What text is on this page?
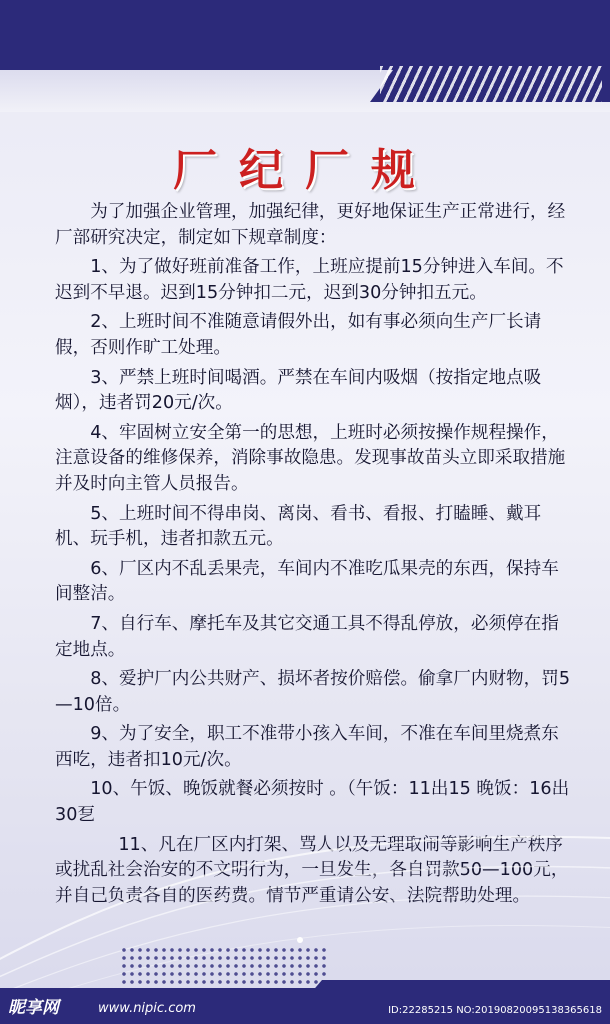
厂纪厂规

为了加强企业管理，加强纪律，更好地保证生产正常进行，经厂部研究决定，制定如下规章制度：

1、为了做好班前准备工作，上班应提前15分钟进入车间。不迟到不早退。迟到15分钟扣二元，迟到30分钟扣五元。

2、上班时间不准随意请假外出，如有事必须向生产厂长请假，否则作旷工处理。

3、严禁上班时间喝酒。严禁在车间内吸烟（按指定地点吸烟），违者罚20元/次。

4、牢固树立安全第一的思想，上班时必须按操作规程操作，注意设备的维修保养，消除事故隐患。发现事故苗头立即采取措施并及时向主管人员报告。

5、上班时间不得串岗、离岗、看书、看报、打瞌睡、戴耳机、玩手机，违者扣款五元。

6、厂区内不乱丢果壳，车间内不准吃瓜果壳的东西，保持车间整洁。

7、自行车、摩托车及其它交通工具不得乱停放，必须停在指定地点。

8、爱护厂内公共财产、损坏者按价赔偿。偷拿厂内财物，罚5—10倍。

9、为了安全，职工不准带小孩入车间，不准在车间里烧煮东西吃，违者扣10元/次。

10、午饭、晚饭就餐必须按时 。（午饭：11出15 晚饭：16出30乭

11、凡在厂区内打架、骂人以及无理取闹等影响生产秩序或扰乱社会治安的不文明行为，一旦发生，各自罚款50—100元，并自己负责各自的医药费。情节严重请公安、法院帮助处理。

昵享网	www.nipic.com	ID:22285215 NO:20190820095138365618
